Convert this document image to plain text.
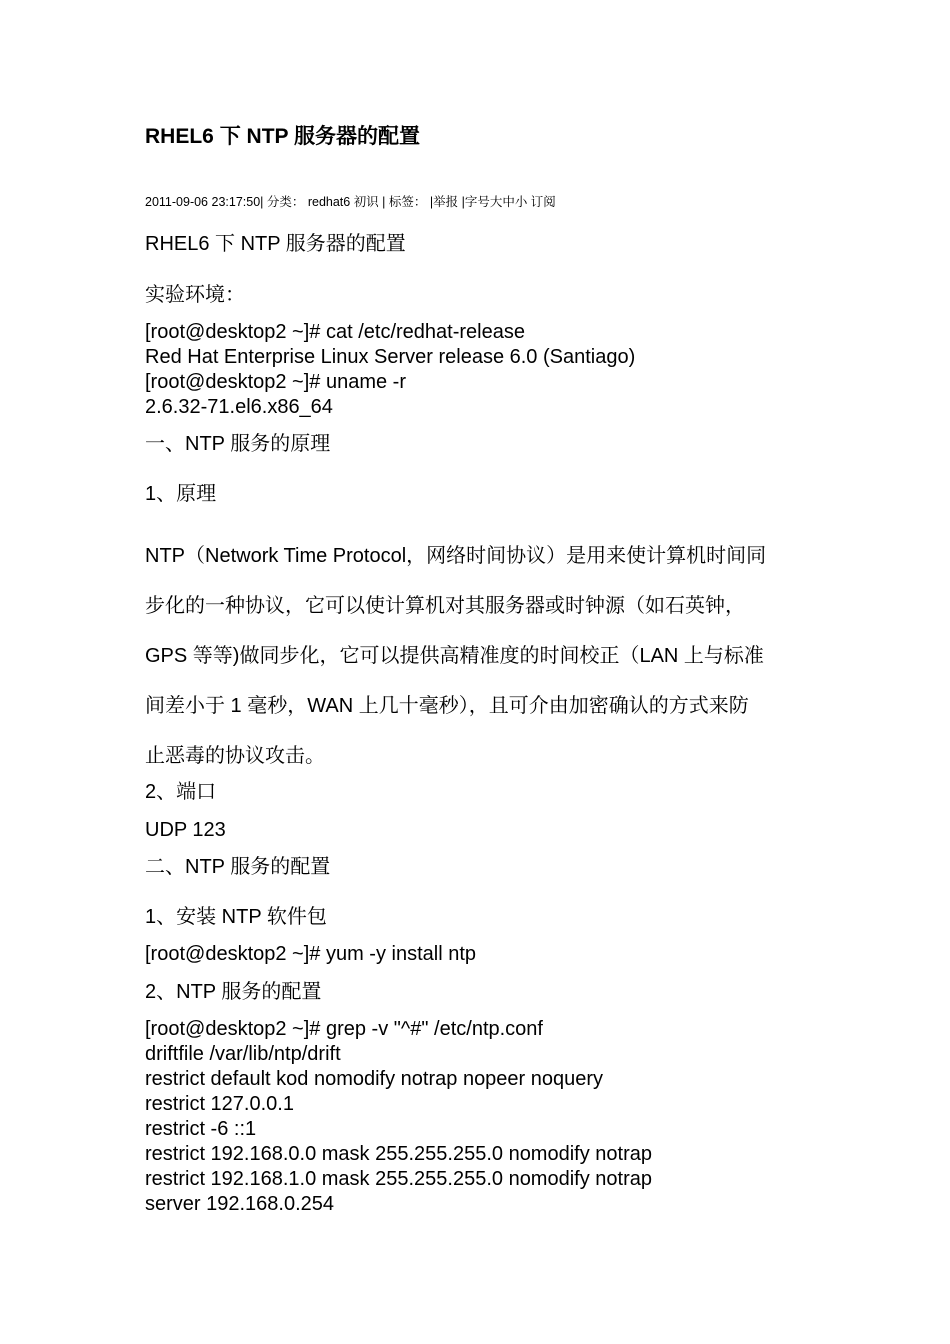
RHEL6 下 NTP 服务器的配置
2011-09-06 23:17:50| 分类： redhat6 初识 | 标签： |举报 |字号大中小 订阅
RHEL6 下 NTP 服务器的配置
实验环境：
[root@desktop2 ~]# cat /etc/redhat-release
Red Hat Enterprise Linux Server release 6.0 (Santiago)
[root@desktop2 ~]# uname -r
2.6.32-71.el6.x86_64
一、NTP 服务的原理
1、原理
NTP（Network Time Protocol，网络时间协议）是用来使计算机时间同
步化的一种协议，它可以使计算机对其服务器或时钟源（如石英钟，
GPS 等等)做同步化，它可以提供高精准度的时间校正（LAN 上与标准
间差小于 1 毫秒，WAN 上几十毫秒），且可介由加密确认的方式来防
止恶毒的协议攻击。
2、端口
UDP 123
二、NTP 服务的配置
1、安装 NTP 软件包
[root@desktop2 ~]# yum -y install ntp
2、NTP 服务的配置
[root@desktop2 ~]# grep -v "^#" /etc/ntp.conf
driftfile /var/lib/ntp/drift
restrict default kod nomodify notrap nopeer noquery
restrict 127.0.0.1
restrict -6 ::1
restrict 192.168.0.0 mask 255.255.255.0 nomodify notrap
restrict 192.168.1.0 mask 255.255.255.0 nomodify notrap
server 192.168.0.254
